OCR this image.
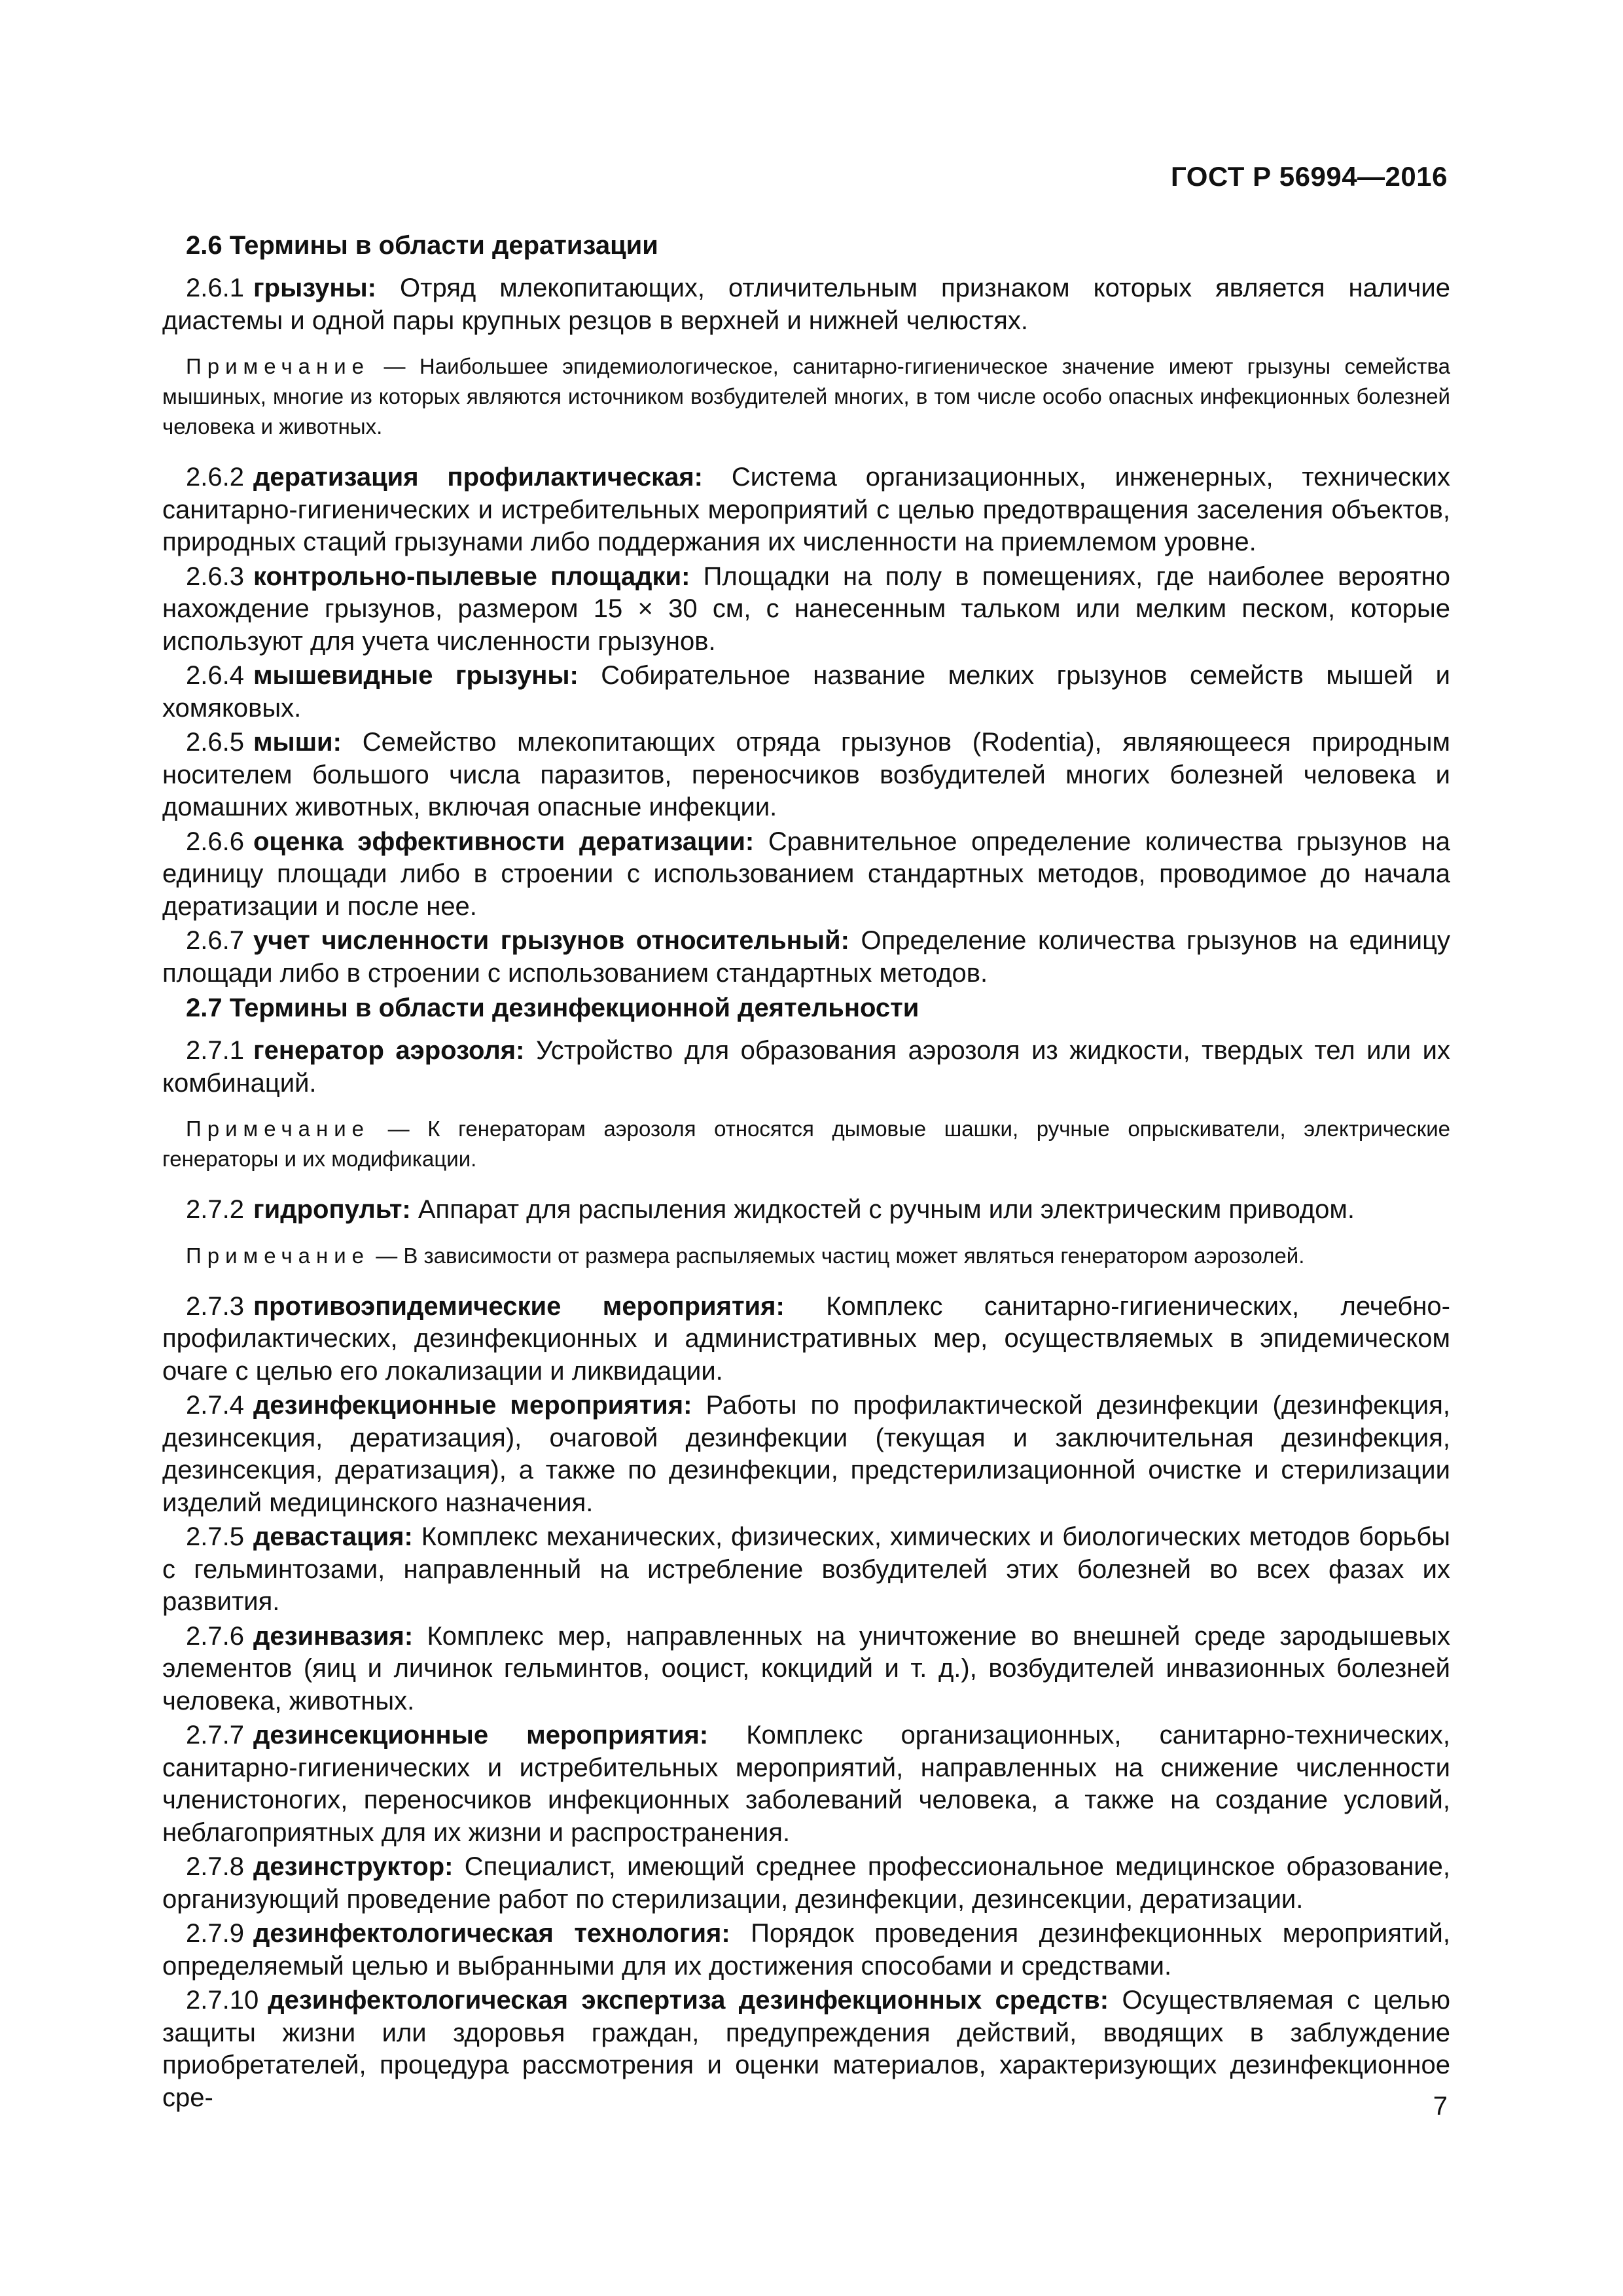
ГОСТ Р 56994—2016
2.6 Термины в области дератизации
2.6.1 грызуны: Отряд млекопитающих, отличительным признаком которых является наличие диастемы и одной пары крупных резцов в верхней и нижней челюстях.
Примечание — Наибольшее эпидемиологическое, санитарно-гигиеническое значение имеют грызуны семейства мышиных, многие из которых являются источником возбудителей многих, в том числе особо опасных инфекционных болезней человека и животных.
2.6.2 дератизация профилактическая: Система организационных, инженерных, технических санитарно-гигиенических и истребительных мероприятий с целью предотвращения заселения объектов, природных стаций грызунами либо поддержания их численности на приемлемом уровне.
2.6.3 контрольно-пылевые площадки: Площадки на полу в помещениях, где наиболее вероятно нахождение грызунов, размером 15 × 30 см, с нанесенным тальком или мелким песком, которые используют для учета численности грызунов.
2.6.4 мышевидные грызуны: Собирательное название мелких грызунов семейств мышей и хомяковых.
2.6.5 мыши: Семейство млекопитающих отряда грызунов (Rodentia), являяющееся природным носителем большого числа паразитов, переносчиков возбудителей многих болезней человека и домашних животных, включая опасные инфекции.
2.6.6 оценка эффективности дератизации: Сравнительное определение количества грызунов на единицу площади либо в строении с использованием стандартных методов, проводимое до начала дератизации и после нее.
2.6.7 учет численности грызунов относительный: Определение количества грызунов на единицу площади либо в строении с использованием стандартных методов.
2.7 Термины в области дезинфекционной деятельности
2.7.1 генератор аэрозоля: Устройство для образования аэрозоля из жидкости, твердых тел или их комбинаций.
Примечание — К генераторам аэрозоля относятся дымовые шашки, ручные опрыскиватели, электрические генераторы и их модификации.
2.7.2 гидропульт: Аппарат для распыления жидкостей с ручным или электрическим приводом.
Примечание — В зависимости от размера распыляемых частиц может являться генератором аэрозолей.
2.7.3 противоэпидемические мероприятия: Комплекс санитарно-гигиенических, лечебно-профилактических, дезинфекционных и административных мер, осуществляемых в эпидемическом очаге с целью его локализации и ликвидации.
2.7.4 дезинфекционные мероприятия: Работы по профилактической дезинфекции (дезинфекция, дезинсекция, дератизация), очаговой дезинфекции (текущая и заключительная дезинфекция, дезинсекция, дератизация), а также по дезинфекции, предстерилизационной очистке и стерилизации изделий медицинского назначения.
2.7.5 девастация: Комплекс механических, физических, химических и биологических методов борьбы с гельминтозами, направленный на истребление возбудителей этих болезней во всех фазах их развития.
2.7.6 дезинвазия: Комплекс мер, направленных на уничтожение во внешней среде зародышевых элементов (яиц и личинок гельминтов, ооцист, кокцидий и т. д.), возбудителей инвазионных болезней человека, животных.
2.7.7 дезинсекционные мероприятия: Комплекс организационных, санитарно-технических, санитарно-гигиенических и истребительных мероприятий, направленных на снижение численности членистоногих, переносчиков инфекционных заболеваний человека, а также на создание условий, неблагоприятных для их жизни и распространения.
2.7.8 дезинструктор: Специалист, имеющий среднее профессиональное медицинское образование, организующий проведение работ по стерилизации, дезинфекции, дезинсекции, дератизации.
2.7.9 дезинфектологическая технология: Порядок проведения дезинфекционных мероприятий, определяемый целью и выбранными для их достижения способами и средствами.
2.7.10 дезинфектологическая экспертиза дезинфекционных средств: Осуществляемая с целью защиты жизни или здоровья граждан, предупреждения действий, вводящих в заблуждение приобретателей, процедура рассмотрения и оценки материалов, характеризующих дезинфекционное сре-	7
